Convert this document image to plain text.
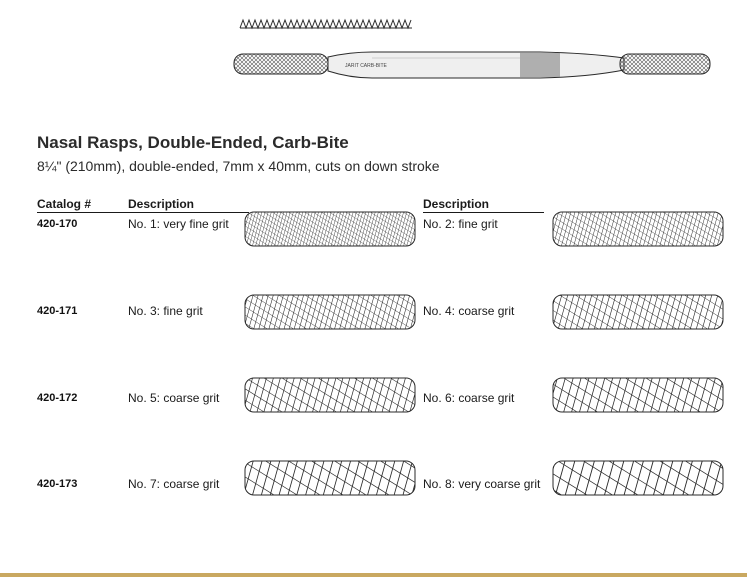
JARIT CARB-BITE
Nasal Rasps, Double-Ended, Carb-Bite
8¼" (210mm), double-ended, 7mm x 40mm, cuts on down stroke
Catalog #	Description	Description
420-170	No. 1: very fine grit	No. 2: fine grit
420-171	No. 3: fine grit	No. 4: coarse grit
420-172	No. 5: coarse grit	No. 6: coarse grit
420-173	No. 7: coarse grit	No. 8: very coarse grit
